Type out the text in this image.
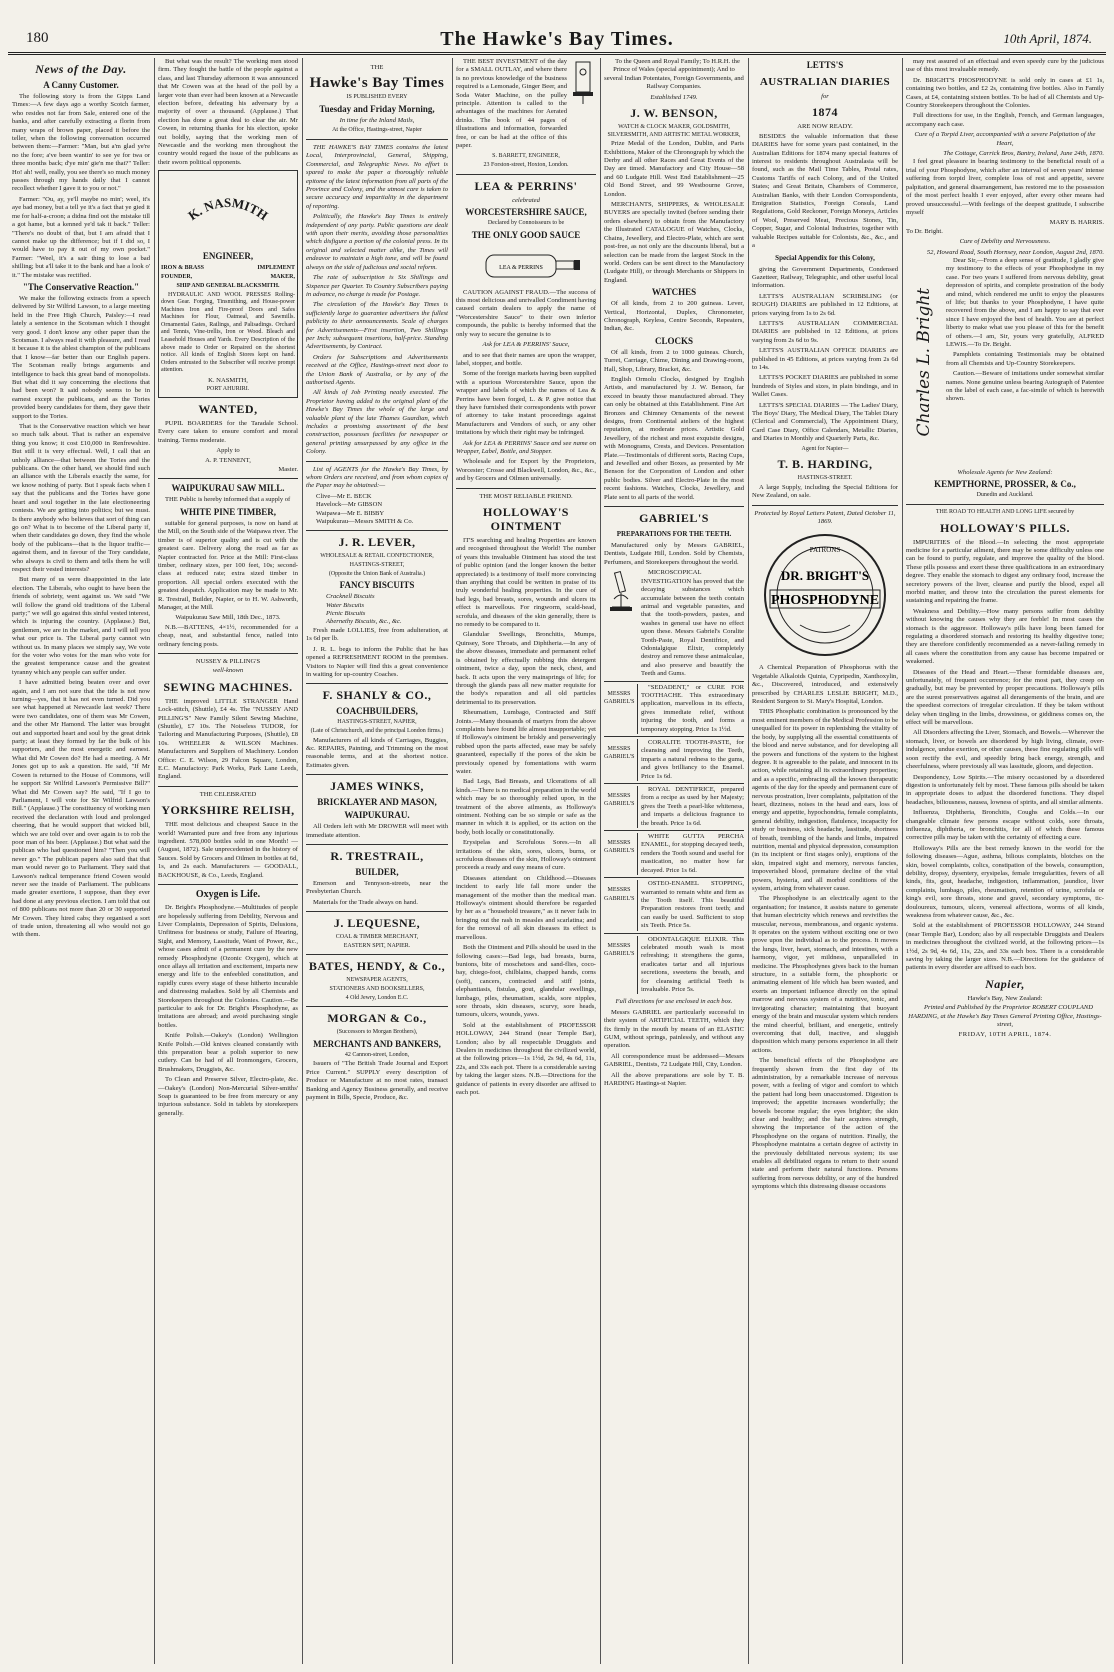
180	The Hawke's Bay Times.	10th April, 1874.
News of the Day.
A Canny Customer.

The following story is from the Gipps Land Times:—A few days ago a worthy Scotch farmer, who resides not far from Sale, entered one of the banks, and after carefully extracting a florin from many wraps of brown paper, placed it before the teller, when the following conversation occurred between them:—Farmer: "Man, but a'm glad ye're no the fore; a've been wantin' to see ye for twa or three months back; d'ye min' gie'n me that?" Teller: Ho! ah! well, really, you see there's so much money passes through my hands daily that I cannot recollect whether I gave it to you or not."

Farmer: "Ou, ay, ye'll maybe no min'; weel, it's aye bad money, but a tell ye it's a fact that ye gied it me for half-a-croon; a didna find oot the mistake till a got hame, but a kenned ye'd tak it back." Teller: "There's no doubt of that, but I am afraid that I cannot make up the difference; but if I did so, I would have to pay it out of my own pocket." Farmer: "Weel, it's a sair thing to lose a bad shilling; but a'll take it to the bank and hae a look o' it." The mistake was rectified.

"The Conservative Reaction."

We make the following extracts from a speech delivered by Sir Wilfrid Lawson, to a large meeting held in the Free High Church, Paisley:—I read lately a sentence in the Scotsman which I thought very good. I don't know any other paper than the Scotsman. I always read it with pleasure, and I read it because it is the ablest champion of the publicans that I know—far better than our English papers. The Scotsman really brings arguments and intelligence to back this great band of monopolists. But what did it say concerning the elections that had been won? It said nobody seems to be in earnest except the publicans, and as the Tories provided beery candidates for them, they gave their support to the Tories.

That is the Conservative reaction which we hear so much talk about. That is rather an expensive thing you know; it cost £10,000 in Renfrewshire. But still it is very effectual. Well, I call that an unholy alliance—that between the Tories and the publicans. On the other hand, we should find such an alliance with the Liberals exactly the same, for we know nothing of party. But I speak facts when I say that the publicans and the Tories have gone heart and soul together in the late electioneering contests. We are getting into politics; but we must. Is there anybody who believes that sort of thing can go on? What is to become of the Liberal party if, when their candidates go down, they find the whole body of the publicans—that is the liquor traffic—against them, and in favour of the Tory candidate, who always is civil to them and tells them he will respect their vested interests?

But many of us were disappointed in the late election. The Liberals, who ought to have been the friends of sobriety, went against us. We said "We will follow the grand old traditions of the Liberal party;" we will go against this sinful vested interest, which is injuring the country. (Applause.) But, gentlemen, we are in the market, and I will tell you what our price is. The Liberal party cannot win without us. In many places we simply say, We vote for the voter who votes for the man who vote for the greatest temperance cause and the greatest tyranny which any people can suffer under.

I have admitted being beaten over and over again, and I am not sure that the tide is not now turning—yes, that it has not even turned. Did you see what happened at Newcastle last week? There were two candidates, one of them was Mr Cowen, and the other Mr Hamond. The latter was brought out and supported heart and soul by the great drink party; at least they formed by far the bulk of his supporters, and the most energetic and earnest. What did Mr Cowen do? He had a meeting. A Mr Jones got up to ask a question. He said, "If Mr Cowen is returned to the House of Commons, will he support Sir Wilfrid Lawson's Permissive Bill?" What did Mr Cowen say? He said, "If I go to Parliament, I will vote for Sir Wilfrid Lawson's Bill." (Applause.) The constituency of working men received the declaration with loud and prolonged cheering, that he would support that wicked bill, which we are told over and over again is to rob the poor man of his beer. (Applause.) But what said the publican who had questioned him? "Then you will never go." The publican papers also said that that man would never go to Parliament. They said that Lawson's radical temperance friend Cowen would never see the inside of Parliament. The publicans made greater exertions, I suppose, than they ever had done at any previous election. I am told that out of 800 publicans not more than 20 or 30 supported Mr Cowen. They hired cabs; they organised a sort of trade union, threatening all who would not go with them.

But what was the result? The working men stood firm. They fought the battle of the people against a class, and last Thursday afternoon it was announced that Mr Cowen was at the head of the poll by a larger vote than ever had been known at a Newcastle election before, defeating his adversary by a majority of over a thousand. (Applause.) That election has done a great deal to clear the air. Mr Cowen, in returning thanks for his election, spoke out boldly, saying that the working men of Newcastle and the working men throughout the country would regard the issue of the publicans as their sworn political opponents.

K. NASMITH
ENGINEER,
IRON & BRASS
FOUNDER,
IMPLEMENT
MAKER,
SHIP AND GENERAL BLACKSMITH.

HYDRAULIC AND WOOL PRESSES Rolling-down Gear. Forging, Tinsmithing, and House-power Machines Iron and Fire-proof Doors and Safes Machines for Flour, Oatmeal, and Sawmills. Ornamental Gates, Railings, and Palisadings. Orchard and Tennis, Vine-trellis, Iron or Wood. Bleach and Leasehold Houses and Yards. Every Description of the above made to Order or Repaired on the shortest notice. All kinds of English Stores kept on hand. Orders entrusted to the Subscriber will receive prompt attention.

K. NASMITH,
PORT AHURIRI.
WANTED,

PUPIL BOARDERS for the Taradale School. Every care taken to ensure comfort and moral training. Terms moderate.

Apply to
A. P. TENNENT,
Master.
WAIPUKURAU SAW MILL.

THE Public is hereby informed that a supply of

WHITE PINE TIMBER,

suitable for general purposes, is now on hand at the Mill, on the South side of the Waipawa river. The timber is of superior quality and is cut with the greatest care. Delivery along the road as far as Napier contracted for. Price at the Mill: First-class timber, ordinary sizes, per 100 feet, 10s; second-class at reduced rate; extra sized timber in proportion. All special orders executed with the greatest despatch. Application may be made to Mr. R. Trestrail, Builder, Napier, or to H. W. Ashworth, Manager, at the Mill.

Waipukurau Saw Mill, 18th Dec., 1873.

N.B.—BATTENS, 4×1½, recommended for a cheap, neat, and substantial fence, nailed into ordinary fencing posts.

NUSSEY & PILLING'S
well-known
SEWING MACHINES.

THE improved LITTLE STRANGER Hand Lock-stitch, (Shuttle), £4 4s. The "NUSSEY AND PILLING'S" New Family Silent Sewing Machine, (Shuttle), £7 10s. The Noiseless TUDOR, for Tailoring and Manufacturing Purposes, (Shuttle), £8 10s. WHEELER & WILSON Machines. Manufacturers and Suppliers of Machinery. London Office: C. E. Wilson, 29 Falcon Square, London, E.C. Manufactory: Park Works, Park Lane Leeds, England.

THE CELEBRATED
YORKSHIRE RELISH,

THE most delicious and cheapest Sauce in the world! Warranted pure and free from any injurious ingredient. 578,000 bottles sold in one Month! — (August, 1872). Sale unprecedented in the history of Sauces. Sold by Grocers and Oilmen in bottles at 6d, 1s, and 2s each. Manufacturers — GOODALL, BACKHOUSE, & Co., Leeds, England.

Oxygen is Life.

Dr. Bright's Phosphodyne.—Multitudes of people are hopelessly suffering from Debility, Nervous and Liver Complaints, Depression of Spirits, Delusions, Unfitness for business or study, Failure of Hearing, Sight, and Memory, Lassitude, Want of Power, &c., whose cases admit of a permanent cure by the new remedy Phosphodyne (Ozonic Oxygen), which at once allays all irritation and excitement, imparts new energy and life to the enfeebled constitution, and rapidly cures every stage of these hitherto incurable and distressing maladies. Sold by all Chemists and Storekeepers throughout the Colonies. Caution.—Be particular to ask for Dr. Bright's Phosphodyne, as imitations are abroad; and avoid purchasing single bottles.

Knife Polish.—Oakey's (London) Wellington Knife Polish.—Old knives cleaned constantly with this preparation bear a polish superior to new cutlery. Can be had of all Ironmongers, Grocers, Brushmakers, Druggists, &c.

To Clean and Preserve Silver, Electro-plate, &c.—Oakey's (London) Non-Mercurial Silver-smiths' Soap is guaranteed to be free from mercury or any injurious substance. Sold in tablets by storekeepers generally.

THE
Hawke's Bay Times
IS PUBLISHED EVERY
Tuesday and Friday Morning,
In time for the Inland Mails,
At the Office, Hastings-street, Napier

THE HAWKE'S BAY TIMES contains the latest Local, Interprovincial, General, Shipping, Commercial, and Telegraphic News. No effort is spared to make the paper a thoroughly reliable epitome of the latest information from all parts of the Province and Colony, and the utmost care is taken to secure accuracy and impartiality in the department of reporting.

Politically, the Hawke's Bay Times is entirely independent of any party. Public questions are dealt with upon their merits, avoiding those personalities which disfigure a portion of the colonial press. In its original and selected matter alike, the Times will endeavor to maintain a high tone, and will be found always on the side of judicious and social reform.

The rate of subscription is Six Shillings and Sixpence per Quarter. To Country Subscribers paying in advance, no charge is made for Postage.

The circulation of the Hawke's Bay Times is sufficiently large to guarantee advertisers the fullest publicity to their announcements. Scale of charges for Advertisements—First insertion, Two Shillings per Inch; subsequent insertions, half-price. Standing Advertisements, by Contract.

Orders for Subscriptions and Advertisements received at the Office, Hastings-street next door to the Union Bank of Australia, or by any of the authorised Agents.

All kinds of Job Printing neatly executed. The Proprietor having added to the original plant of the Hawke's Bay Times the whole of the large and valuable plant of the late Thames Guardian, which includes a promising assortment of the best construction, possesses facilities for newspaper or general printing unsurpassed by any office in the Colony.

List of AGENTS for the Hawke's Bay Times, by whom Orders are received, and from whom copies of the Paper may be obtained:—

Clive—Mr E. BECK
Havelock—Mr GIBSON
Waipawa—Mr E. BIBBY
Waipukurau—Messrs SMITH & Co.
J. R. LEVER,
WHOLESALE & RETAIL CONFECTIONER,
HASTINGS-STREET,
(Opposite the Union Bank of Australia.)
FANCY BISCUITS
Cracknell Biscuits
Water Biscuits
Picnic Biscuits
Abernethy Biscuits, &c., &c.

Fresh made LOLLIES, free from adulteration, at 1s 6d per lb.

J. R. L. begs to inform the Public that he has opened a REFRESHMENT ROOM in the premises. Visitors to Napier will find this a great convenience in waiting for up-country Coaches.

F. SHANLY & CO.,
COACHBUILDERS,
HASTINGS-STREET, NAPIER,
(Late of Christchurch, and the principal London firms.)

Manufacturers of all kinds of Carriages, Buggies, &c. REPAIRS, Painting, and Trimming on the most reasonable terms, and at the shortest notice. Estimates given.

JAMES WINKS,
BRICKLAYER AND MASON,
WAIPUKURAU.

All Orders left with Mr DROWER will meet with immediate attention.

R. TRESTRAIL,
BUILDER,

Emerson and Tennyson-streets, near the Presbyterian Church.

Materials for the Trade always on hand.

J. LEQUESNE,
COAL & TIMBER MERCHANT,
EASTERN SPIT, NAPIER.
BATES, HENDY, & Co.,
NEWSPAPER AGENTS,
STATIONERS AND BOOKSELLERS,
4 Old Jewry, London E.C.
MORGAN & Co.,
(Successors to Morgan Brothers),
MERCHANTS AND BANKERS,
42 Cannon-street, London,

Issuers of "The British Trade Journal and Export Price Current." SUPPLY every description of Produce or Manufacture at no most rates, transact Banking and Agency Business generally, and receive payment in Bills, Specie, Produce, &c.

THE BEST INVESTMENT of the day for a SMALL OUTLAY, and where there is no previous knowledge of the business required is a Lemonade, Ginger Beer, and Soda Water Machine, on the pulley principle. Attention is called to the advantages of the machines for Aerated drinks. The book of 44 pages of illustrations and information, forwarded free, or can be had at the office of this paper.

S. BARRETT, ENGINEER,
23 Forston-street, Hoxton, London.
LEA & PERRINS'
celebrated
WORCESTERSHIRE SAUCE,
Declared by Connoisseurs to be
THE ONLY GOOD SAUCE
LEA & PERRINS

CAUTION AGAINST FRAUD.—The success of this most delicious and unrivalled Condiment having caused certain dealers to apply the name of "Worcestershire Sauce" to their own inferior compounds, the public is hereby informed that the only way to secure the genuine is to

Ask for LEA & PERRINS' Sauce,

and to see that their names are upon the wrapper, label, stopper, and bottle.

Some of the foreign markets having been supplied with a spurious Worcestershire Sauce, upon the wrapper and labels of which the names of Lea & Perrins have been forged, L. & P. give notice that they have furnished their correspondents with power of attorney to take instant proceedings against Manufacturers and Vendors of such, or any other imitations by which their right may be infringed.

Ask for LEA & PERRINS' Sauce and see name on Wrapper, Label, Bottle, and Stopper.

Wholesale and for Export by the Proprietors, Worcester; Crosse and Blackwell, London, &c., &c., and by Grocers and Oilmen universally.

THE MOST RELIABLE FRIEND.
HOLLOWAY'S OINTMENT

IT'S searching and healing Properties are known and recognised throughout the World! The number of years this invaluable Ointment has stood the test of public opinion (and the longer known the better appreciated) is a testimony of itself more convincing than anything that could be written in praise of its truly wonderful healing properties. In the cure of bad legs, bad breasts, sores, wounds and ulcers its effect is marvellous. For ringworm, scald-head, scrofula, and diseases of the skin generally, there is no remedy to be compared to it.

Glandular Swellings, Bronchitis, Mumps, Quinsey, Sore Throats, and Diphtheria.—In any of the above diseases, immediate and permanent relief is obtained by effectually rubbing this detergent ointment, twice a day, upon the neck, chest, and back. It acts upon the very mainsprings of life; for through the glands pass all new matter requisite for the body's reparation and all old particles detrimental to its preservation.

Rheumatism, Lumbago, Contracted and Stiff Joints.—Many thousands of martyrs from the above complaints have found life almost insupportable; yet if Holloway's ointment be briskly and perseveringly rubbed upon the parts affected, ease may be safely guaranteed, especially if the pores of the skin be previously opened by fomentations with warm water.

Bad Legs, Bad Breasts, and Ulcerations of all kinds.—There is no medical preparation in the world which may be so thoroughly relied upon, in the treatment of the above ailments, as Holloway's ointment. Nothing can be so simple or safe as the manner in which it is applied, or its action on the body, both locally or constitutionally.

Erysipelas and Scrofulous Sores.—In all irritations of the skin, sores, ulcers, burns, or scrofulous diseases of the skin, Holloway's ointment proceeds a ready and easy means of cure.

Diseases attendant on Childhood.—Diseases incident to early life fall more under the management of the mother than the medical man. Holloway's ointment should therefore be regarded by her as a "household treasure," as it never fails in bringing out the rash in measles and scarlatina; and for the removal of all skin diseases its effect is marvellous.

Both the Ointment and Pills should be used in the following cases:—Bad legs, bad breasts, burns, bunions, bite of moschetoes and sand-flies, coco-bay, chiego-foot, chilblains, chapped hands, corns (soft), cancers, contracted and stiff joints, elephantiasis, fistulas, gout, glandular swellings, lumbago, piles, rheumatism, scalds, sore nipples, sore throats, skin diseases, scurvy, sore heads, tumours, ulcers, wounds, yaws.

Sold at the establishment of PROFESSOR HOLLOWAY, 244 Strand (near Temple Bar), London; also by all respectable Druggists and Dealers in medicines throughout the civilized world, at the following prices—1s 1½d, 2s 9d, 4s 6d, 11s, 22s, and 33s each pot. There is a considerable saving by taking the larger sizes. N.B.—Directions for the guidance of patients in every disorder are affixed to each pot.

To the Queen and Royal Family; To H.R.H. the Prince of Wales (special appointment); And to several Indian Potentates, Foreign Governments, and Railway Companies.

Established 1749.
J. W. BENSON,
WATCH & CLOCK MAKER, GOLDSMITH, SILVERSMITH, AND ARTISTIC METAL WORKER,

Prize Medal of the London, Dublin, and Paris Exhibitions, Maker of the Chronograph by which the Derby and all other Races and Great Events of the Day are timed. Manufactory and City House—58 and 60 Ludgate Hill. West End Establishment—25 Old Bond Street, and 99 Westbourne Grove, London.

MERCHANTS, SHIPPERS, & WHOLESALE BUYERS are specially invited (before sending their orders elsewhere) to obtain from the Manufactory the Illustrated CATALOGUE of Watches, Clocks, Chains, Jewellery, and Electro-Plate, which are sent post-free, as not only are the discounts liberal, but a selection can be made from the largest Stock in the world. Orders can be sent direct to the Manufactory (Ludgate Hill), or through Merchants or Shippers in England.

WATCHES

Of all kinds, from 2 to 200 guineas. Lever, Vertical, Horizontal, Duplex, Chronometer, Chronograph, Keyless, Centre Seconds, Repeaters, Indian, &c.

CLOCKS

Of all kinds, from 2 to 1000 guineas. Church, Turret, Carriage, Chime, Dining and Drawing-room, Hall, Shop, Library, Bracket, &c.

English Ormolu Clocks, designed by English Artists, and manufactured by J. W. Benson, far exceed in beauty those manufactured abroad. They can only be obtained at this Establishment. Fine Art Bronzes and Chimney Ornaments of the newest designs, from Continental ateliers of the highest reputation, at moderate prices. Artistic Gold Jewellery, of the richest and most exquisite designs, with Monograms, Crests, and Devices. Presentation Plate.—Testimonials of different sorts, Racing Cups, and Jewelled and other Boxes, as presented by Mr Benson for the Corporation of London and other public bodies. Silver and Electro-Plate in the most recent fashions. Watches, Clocks, Jewellery, and Plate sent to all parts of the world.

GABRIEL'S
PREPARATIONS FOR THE TEETH.

Manufactured only by Messrs GABRIEL, Dentists, Ludgate Hill, London. Sold by Chemists, Perfumers, and Storekeepers throughout the world.

MICROSCOPICAL INVESTIGATION has proved that the decaying substances which accumulate between the teeth contain animal and vegetable parasites, and that the tooth-powders, pastes, and washes in general use have no effect upon these. Messrs Gabriel's Coralite Tooth-Paste, Royal Dentifrice, and Odontalgique Elixir, completely destroy and remove these animalculae, and also preserve and beautify the Teeth and Gums.

MESSRS GABRIEL'S

"SEDADENT," or CURE FOR TOOTHACHE. This extraordinary application, marvellous in its effects, gives immediate relief, without injuring the tooth, and forms a temporary stopping. Price 1s 1½d.

MESSRS GABRIEL'S

CORALITE TOOTH-PASTE, for cleansing and improving the Teeth, imparts a natural redness to the gums, and gives brilliancy to the Enamel. Price 1s 6d.

MESSRS GABRIEL'S

ROYAL DENTIFRICE, prepared from a recipe as used by her Majesty; gives the Teeth a pearl-like whiteness, and imparts a delicious fragrance to the breath. Price 1s 6d.

MESSRS GABRIEL'S

WHITE GUTTA PERCHA ENAMEL, for stopping decayed teeth, renders the Tooth sound and useful for mastication, no matter how far decayed. Price 1s 6d.

MESSRS GABRIEL'S

OSTEO-ENAMEL STOPPING, warranted to remain white and firm as the Tooth itself. This beautiful Preparation restores front teeth; and can easily be used. Sufficient to stop six Teeth. Price 5s.

MESSRS GABRIEL'S

ODONTALGIQUE ELIXIR. This celebrated mouth wash is most refreshing; it strengthens the gums, eradicates tartar and all injurious secretions, sweetens the breath, and for cleansing artificial Teeth is invaluable. Price 5s.

Full directions for use enclosed in each box.

Messrs GABRIEL are particularly successful in their system of ARTIFICIAL TEETH, which they fix firmly in the mouth by means of an ELASTIC GUM, without springs, painlessly, and without any operation.

All correspondence must be addressed—Messrs GABRIEL, Dentists, 72 Ludgate Hill, City, London.

All the above preparations are sole by T. B. HARDING Hastings-st Napier.

LETTS'S
AUSTRALIAN DIARIES
for
1874
ARE NOW READY.

BESIDES the valuable information that these DIARIES have for some years past contained, in the Australian Editions for 1874 many special features of interest to residents throughout Australasia will be found, such as the Mail Time Tables, Postal rates, Customs Tariffs of each Colony, and of the United States; and Great Britain, Chambers of Commerce, Australian Banks, with their London Correspondents, Emigration Statistics, Foreign Consuls, Land Regulations, Gold Reckoner, Foreign Moneys, Articles of Wool, Preserved Meat, Precious Stones, Tin, Copper, Sugar, and Colonial Industries, together with valuable Recipes suitable for Colonists, &c., &c., and a

Special Appendix for this Colony,

giving the Government Departments, Condensed Gazetteer, Railway, Telegraphic, and other useful local information.

LETTS'S AUSTRALIAN SCRIBBLING (or ROUGH) DIARIES are published in 12 Editions, at prices varying from 1s to 2s 6d.

LETTS'S AUSTRALIAN COMMERCIAL DIARIES are published in 12 Editions, at prices varying from 2s 6d to 9s.

LETTS'S AUSTRALIAN OFFICE DIARIES are published in 45 Editions, at prices varying from 2s 6d to 14s.

LETTS'S POCKET DIARIES are published in some hundreds of Styles and sizes, in plain bindings, and in Wallet Cases.

LETTS'S SPECIAL DIARIES — The Ladies' Diary, The Boys' Diary, The Medical Diary, The Tablet Diary (Clerical and Commercial), The Appointment Diary, Card Case Diary, Office Calendars, Metallic Diaries, and Diaries in Monthly and Quarterly Parts, &c.

Agent for Napier—
T. B. HARDING,
HASTINGS-STREET.

A large Supply, including the Special Editions for New Zealand, on sale.

Protected by Royal Letters Patent, Dated October 11, 1869.
DR. BRIGHT'S
PHOSPHODYNE
PATRONS

A Chemical Preparation of Phosphorus with the Vegetable Alkaloids Quinia, Cypripedin, Xanthoxylin, &c., Discovered, introduced, and extensively prescribed by CHARLES LESLIE BRIGHT, M.D., Resident Surgeon to St. Mary's Hospital, London.

THIS Phosphatic combination is pronounced by the most eminent members of the Medical Profession to be unequalled for its power in replenishing the vitality of the body, by supplying all the essential constituents of the blood and nerve substance, and for developing all the powers and functions of the system to the highest degree. It is agreeable to the palate, and innocent in its action, while retaining all its extraordinary properties; and as a specific, embracing all the known therapeutic agents of the day for the speedy and permanent cure of nervous prostration, liver complaints, palpitation of the heart, dizziness, noises in the head and ears, loss of energy and appetite, hypochondria, female complaints, general debility, indigestion, flatulence, incapacity for study or business, sick headache, lassitude, shortness of breath, trembling of the hands and limbs, impaired nutrition, mental and physical depression, consumption (in its incipient or first stages only), eruptions of the skin, impaired sight and memory, nervous fancies, impoverished blood, premature decline of the vital powers, hysteria, and all morbid conditions of the system, arising from whatever cause.

The Phosphodyne is an electrically agent to the organisation; for instance, it assists nature to generate that human electricity which renews and revivifies the muscular, nervous, membranous, and organic systems. It operates on the system without exciting one or two prove upon the individual as to the process. It moves the lungs, liver, heart, stomach, and intestines, with a harmony, vigor, yet mildness, unparalleled in medicine. The Phosphodynes gives back to the human structure, in a suitable form, the phosphoric or animating element of life which has been wasted, and exerts an important influence directly on the spinal marrow and nervous system of a nutritive, tonic, and invigorating character; maintaining that buoyant energy of the brain and muscular system which renders the mind cheerful, brilliant, and energetic, entirely overcoming that dull, inactive, and sluggish disposition which many persons experience in all their actions.

The beneficial effects of the Phosphodyne are frequently shown from the first day of its administration, by a remarkable increase of nervous power, with a feeling of vigor and comfort to which the patient had long been unaccustomed. Digestion is improved; the appetite increases wonderfully; the bowels become regular; the eyes brighter; the skin clear and healthy; and the hair acquires strength, showing the importance of the action of the Phosphodyne on the organs of nutrition. Finally, the Phosphodyne maintains a certain degree of activity in the previously debilitated nervous system; its use enables all debilitated organs to return to their sound state and perform their natural functions. Persons suffering from nervous debility, or any of the hundred symptoms which this distressing disease occasions

may rest assured of an effectual and even speedy cure by the judicious use of this most invaluable remedy.

Dr. BRIGHT'S PHOSPHODYNE is sold only in cases at £1 1s, containing two bottles, and £2 2s, containing five bottles. Also in Family Cases, at £4, containing sixteen bottles. To be had of all Chemists and Up-Country Storekeepers throughout the Colonies.

Full directions for use, in the English, French, and German languages, accompany each case.

Cure of a Torpid Liver, accompanied with a severe Palpitation of the Heart,
The Cottage, Carrick Bros, Bantry, Ireland, June 24th, 1870.

I feel great pleasure in bearing testimony to the beneficial result of a trial of your Phosphodyne, which after an interval of seven years' intense suffering from torpid liver, complete loss of rest and appetite, severe palpitation, and general disarrangement, has restored me to the possession of the most perfect health I ever enjoyed, after every other means had proved unsuccessful.—With feelings of the deepest gratitude, I subscribe myself

MARY B. HARRIS.
To Dr. Bright.
Cure of Debility and Nervousness.
52, Howard Road, South Hornsey, near London, August 2nd, 1870.
Charles L. Bright

Dear Sir,—From a deep sense of gratitude, I gladly give my testimony to the effects of your Phosphodyne in my case. For two years I suffered from nervous debility, great depression of spirits, and complete prostration of the body and mind, which rendered me unfit to enjoy the pleasures of life; but thanks to your Phosphodyne, I have quite recovered from the above, and I am happy to say that ever since I have enjoyed the best of health. You are at perfect liberty to make what use you please of this for the benefit of others.—I am, Sir, yours very gratefully, ALFRED LEWIS.—To Dr. Bright.

Pamphlets containing Testimonials may be obtained from all Chemists and Up-Country Storekeepers.

Caution.—Beware of imitations under somewhat similar names. None genuine unless bearing Autograph of Patentee on the label of each case, a fac-simile of which is herewith shown.

Wholesale Agents for New Zealand:
KEMPTHORNE, PROSSER, & Co.,
Dunedin and Auckland.
THE ROAD TO HEALTH AND LONG LIFE secured by
HOLLOWAY'S PILLS.

IMPURITIES of the Blood.—In selecting the most appropriate medicine for a particular ailment, there may be some difficulty unless one can be found to purify, regulate, and improve the quality of the blood. These pills possess and exert these three qualifications in an extraordinary degree. They enable the stomach to digest any ordinary food, increase the secretory powers of the liver, cleanse and purify the blood, expel all morbid matter, and throw into the circulation the purest elements for sustaining and repairing the frame.

Weakness and Debility.—How many persons suffer from debility without knowing the causes why they are feeble! In most cases the stomach is the aggressor. Holloway's pills have long been famed for regulating a disordered stomach and restoring its healthy digestive tone; they are therefore confidently recommended as a never-failing remedy in all cases where the constitution from any cause has become impaired or weakened.

Diseases of the Head and Heart.—These formidable diseases are, unfortunately, of frequent occurrence; for the most part, they creep on gradually, but may be prevented by proper precautions. Holloway's pills are the surest preservatives against all derangements of the brain, and are the speediest correctors of irregular circulation. If they be taken without delay when tingling in the limbs, drowsiness, or giddiness comes on, the effect will be marvellous.

All Disorders affecting the Liver, Stomach, and Bowels.—Wherever the stomach, liver, or bowels are disordered by high living, climate, over-indulgence, undue exertion, or other causes, these fine regulating pills will soon rectify the evil, and speedily bring back energy, strength, and cheerfulness, where previously all was lassitude, gloom, and dejection.

Despondency, Low Spirits.—The misery occasioned by a disordered digestion is unfortunately felt by most. These famous pills should be taken in appropriate doses to adjust the disordered functions. They dispel headaches, biliousness, nausea, lowness of spirits, and all similar ailments.

Influenza, Diphtheria, Bronchitis, Coughs and Colds.—In our changeable climate few persons escape without colds, sore throats, influenza, diphtheria, or bronchitis, for all of which these famous corrective pills may be taken with the certainty of effecting a cure.

Holloway's Pills are the best remedy known in the world for the following diseases—Ague, asthma, bilious complaints, blotches on the skin, bowel complaints, colics, constipation of the bowels, consumption, debility, dropsy, dysentery, erysipelas, female irregularities, fevers of all kinds, fits, gout, headache, indigestion, inflammation, jaundice, liver complaints, lumbago, piles, rheumatism, retention of urine, scrofula or king's evil, sore throats, stone and gravel, secondary symptoms, tic-douloureux, tumours, ulcers, venereal affections, worms of all kinds, weakness from whatever cause, &c., &c.

Sold at the establishment of PROFESSOR HOLLOWAY, 244 Strand (near Temple Bar), London; also by all respectable Druggists and Dealers in medicines throughout the civilized world, at the following prices—1s 1½d, 2s 9d, 4s 6d, 11s, 22s, and 33s each box. There is a considerable saving by taking the larger sizes. N.B.—Directions for the guidance of patients in every disorder are affixed to each box.

Napier,
Hawke's Bay, New Zealand:

Printed and Published by the Proprietor ROBERT COUPLAND HARDING, at the Hawke's Bay Times General Printing Office, Hastings-street,

FRIDAY, 10TH APRIL, 1874.
